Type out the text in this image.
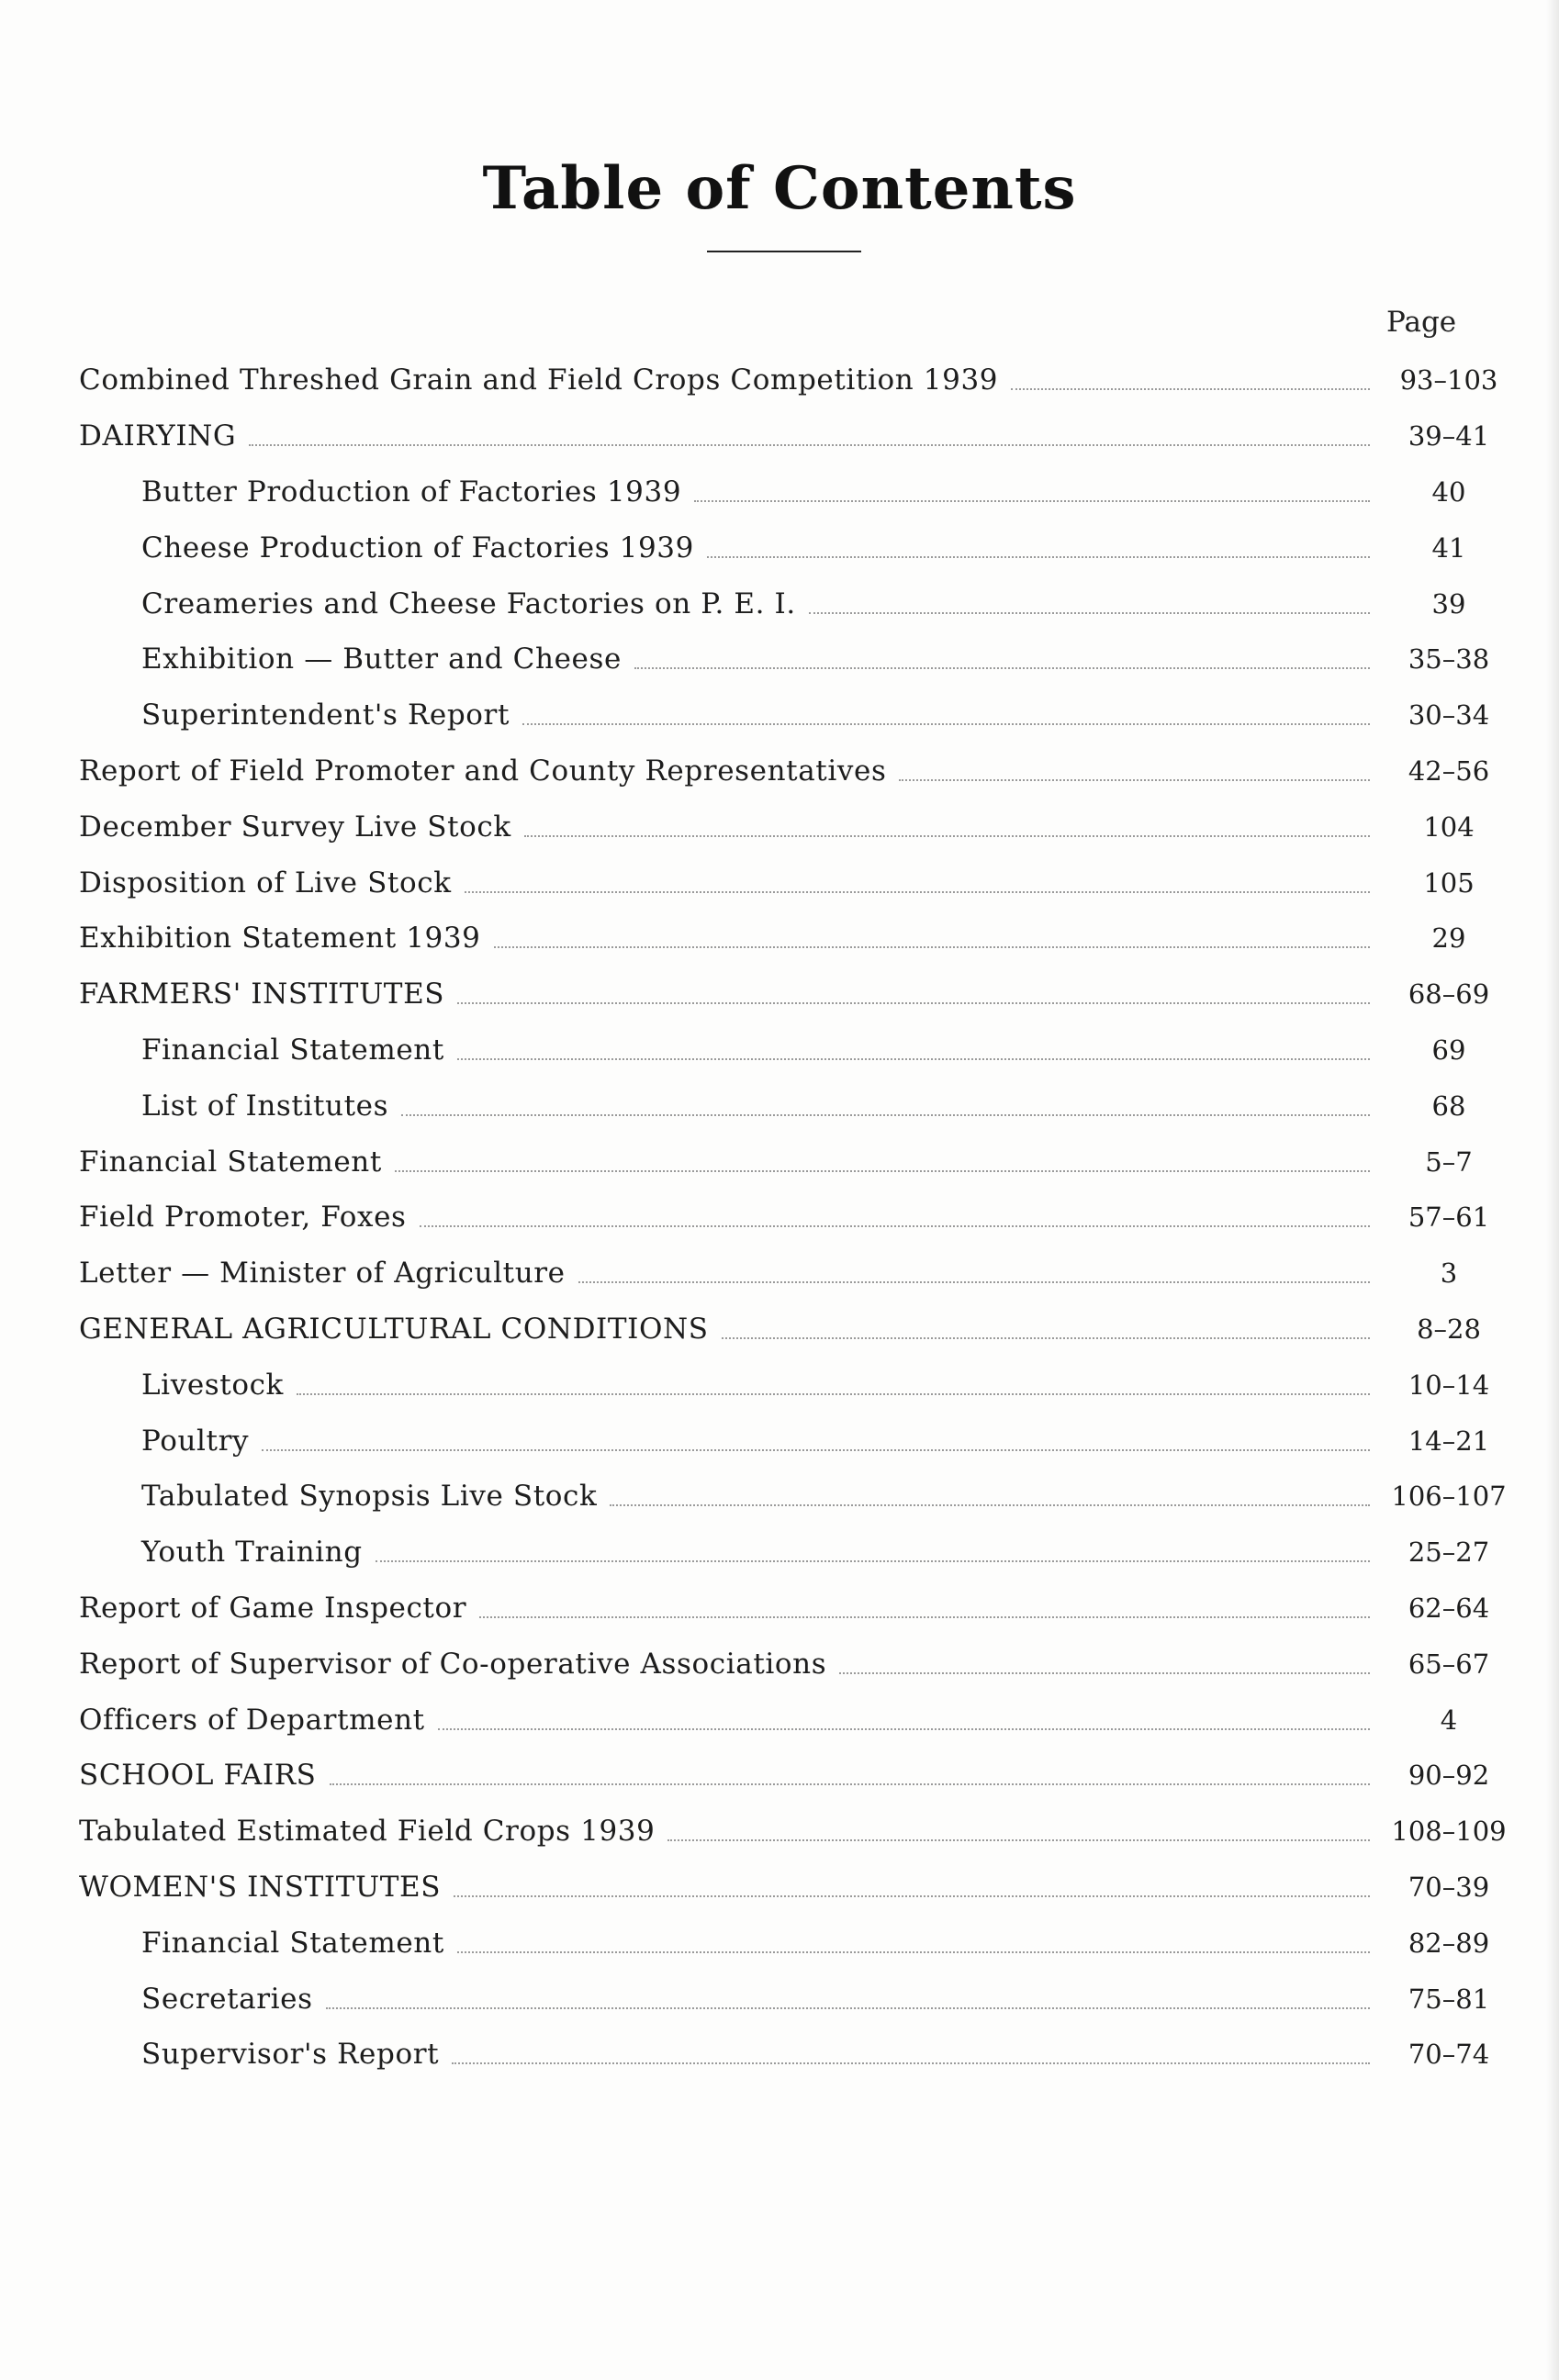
Table of Contents
Page
Combined Threshed Grain and Field Crops Competition 1939	93–103
DAIRYING	39–41
Butter Production of Factories 1939	40
Cheese Production of Factories 1939	41
Creameries and Cheese Factories on P. E. I.	39
Exhibition — Butter and Cheese	35–38
Superintendent's Report	30–34
Report of Field Promoter and County Representatives	42–56
December Survey Live Stock	104
Disposition of Live Stock	105
Exhibition Statement 1939	29
FARMERS' INSTITUTES	68–69
Financial Statement	69
List of Institutes	68
Financial Statement	5–7
Field Promoter, Foxes	57–61
Letter — Minister of Agriculture	3
GENERAL AGRICULTURAL CONDITIONS	8–28
Livestock	10–14
Poultry	14–21
Tabulated Synopsis Live Stock	106–107
Youth Training	25–27
Report of Game Inspector	62–64
Report of Supervisor of Co-operative Associations	65–67
Officers of Department	4
SCHOOL FAIRS	90–92
Tabulated Estimated Field Crops 1939	108–109
WOMEN'S INSTITUTES	70–39
Financial Statement	82–89
Secretaries	75–81
Supervisor's Report	70–74
